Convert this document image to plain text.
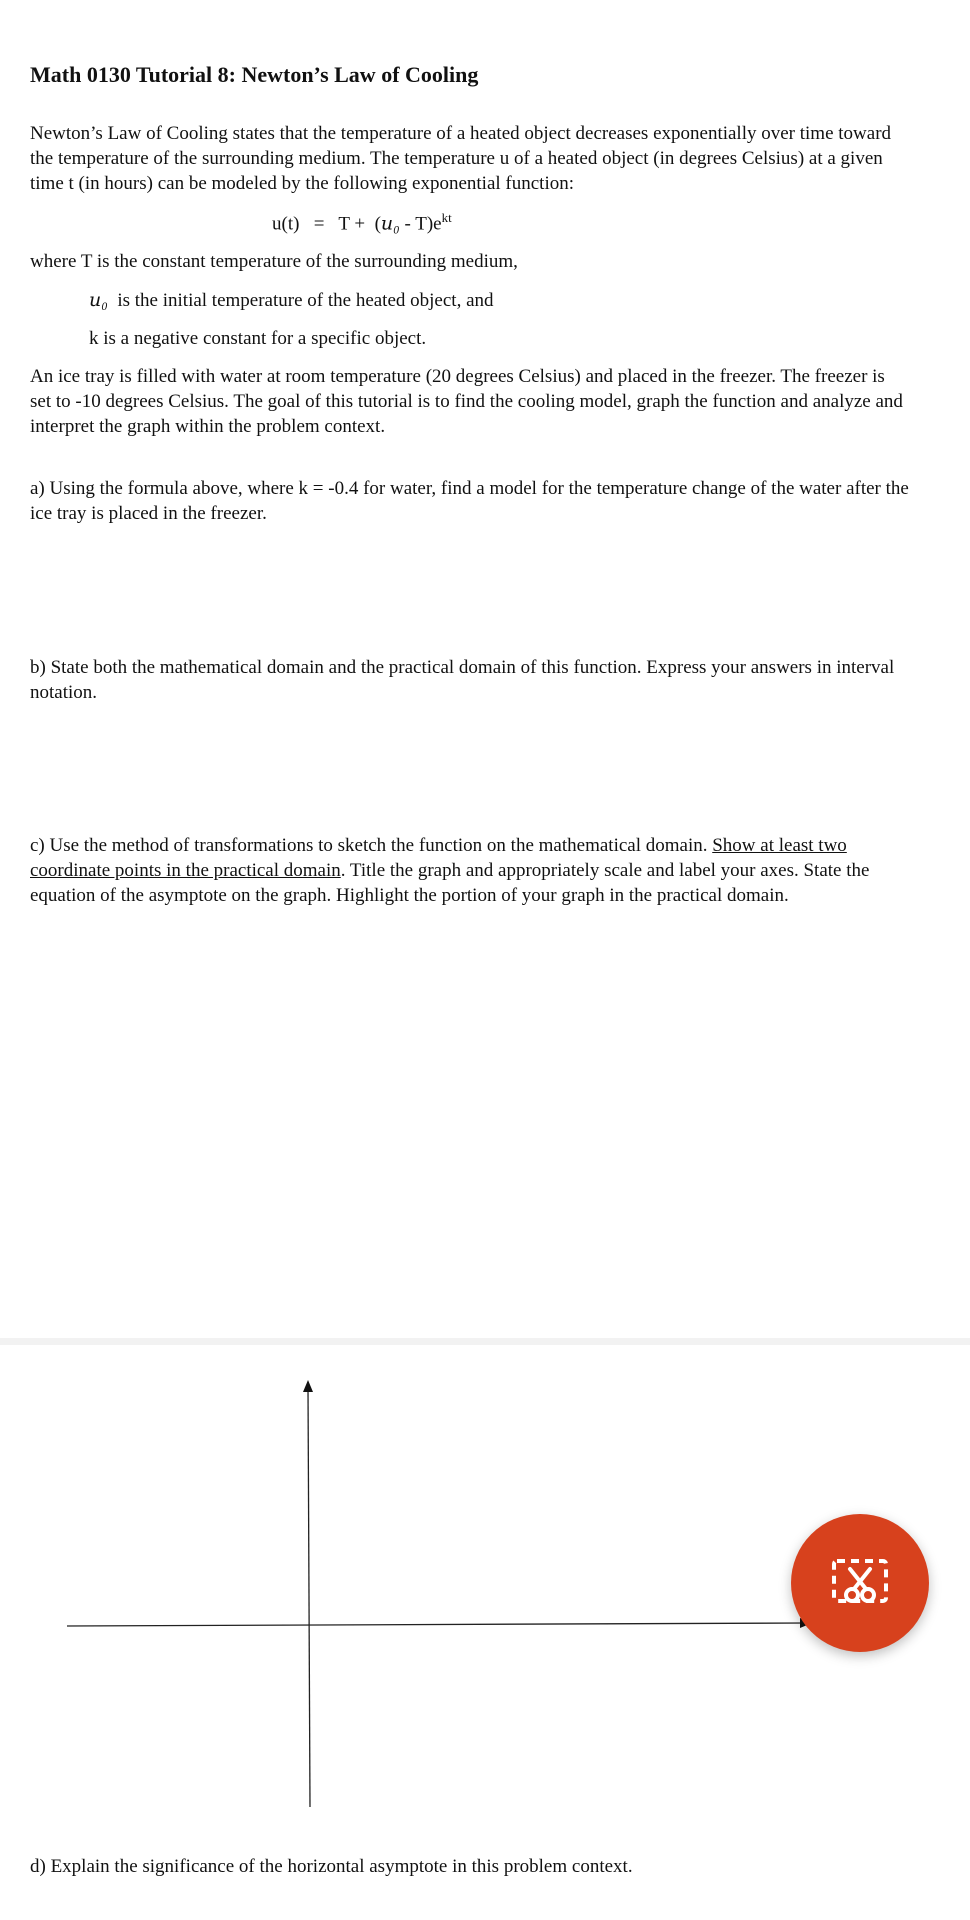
Math 0130 Tutorial 8: Newton’s Law of Cooling
Newton’s Law of Cooling states that the temperature of a heated object decreases exponentially over time toward the temperature of the surrounding medium. The temperature u of a heated object (in degrees Celsius) at a given time t (in hours) can be modeled by the following exponential function:
u(t) = T +  (𝑢₀ - $T)e^{kt}$
where T is the constant temperature of the surrounding medium,
𝑢₀ is the initial temperature of the heated object, and
k is a negative constant for a specific object.
An ice tray is filled with water at room temperature (20 degrees Celsius) and placed in the freezer. The freezer is set to -10 degrees Celsius. The goal of this tutorial is to find the cooling model, graph the function and analyze and interpret the graph within the problem context.
a) Using the formula above, where k = -0.4 for water, find a model for the temperature change of the water after the ice tray is placed in the freezer.
b) State both the mathematical domain and the practical domain of this function. Express your answers in interval notation.
c) Use the method of transformations to sketch the function on the mathematical domain. Show at least two coordinate points in the practical domain. Title the graph and appropriately scale and label your axes. State the equation of the asymptote on the graph. Highlight the portion of your graph in the practical domain.
d) Explain the significance of the horizontal asymptote in this problem context.
